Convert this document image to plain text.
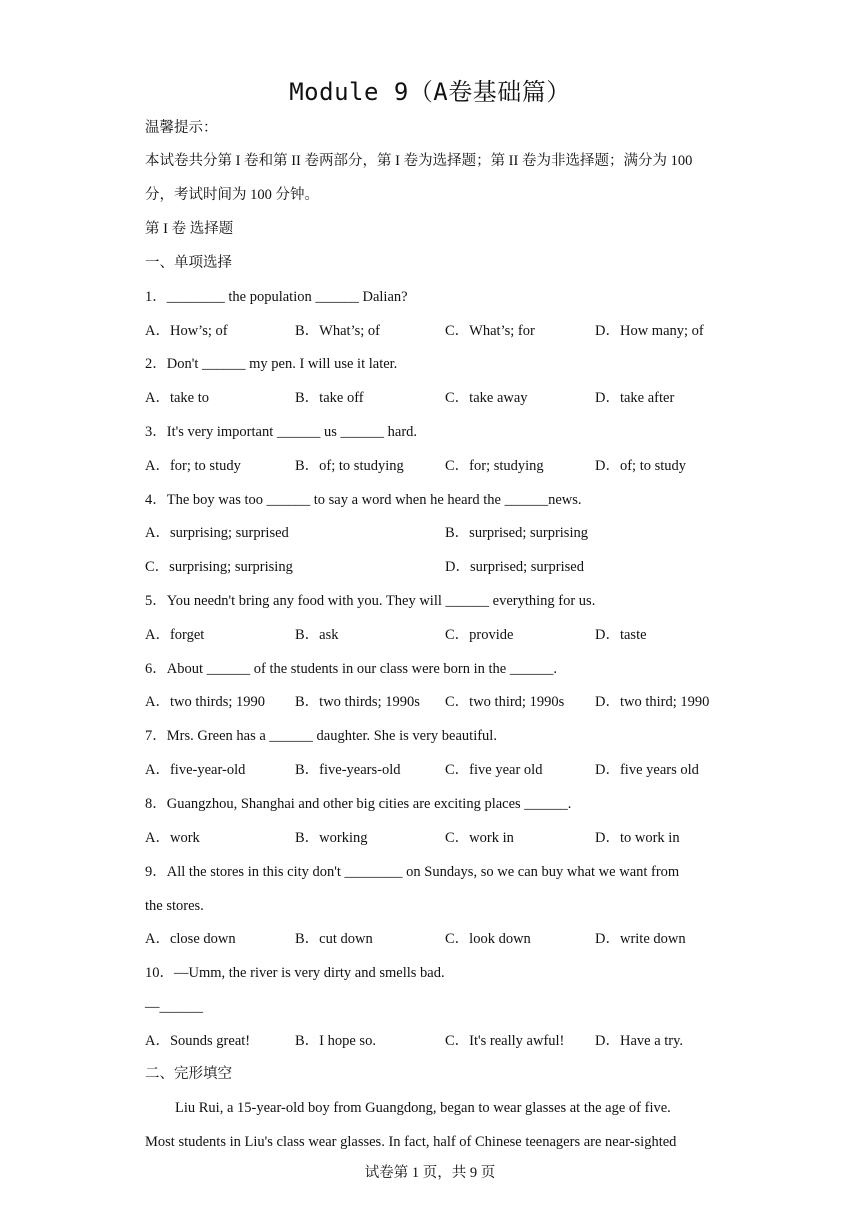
Module 9（A卷基础篇）
温馨提示：
本试卷共分第 I 卷和第 II 卷两部分，第 I 卷为选择题；第 II 卷为非选择题；满分为 100
分，考试时间为 100 分钟。
第 I 卷 选择题
一、单项选择
1．________ the population ______ Dalian?
A．How’s; of	B．What’s; of	C．What’s; for	D．How many; of
2．Don't ______ my pen. I will use it later.
A．take to	B．take off	C．take away	D．take after
3．It's very important ______ us ______ hard.
A．for; to study	B．of; to studying	C．for; studying	D．of; to study
4．The boy was too ______ to say a word when he heard the ______news.
A．surprising; surprised	B．surprised; surprising
C．surprising; surprising	D．surprised; surprised
5．You needn't bring any food with you. They will ______ everything for us.
A．forget	B．ask	C．provide	D．taste
6．About ______ of the students in our class were born in the ______.
A．two thirds; 1990 B．two thirds; 1990s C．two third; 1990s D．two third; 1990
7．Mrs. Green has a ______ daughter. She is very beautiful.
A．five-year-old	B．five-years-old	C．five year old	D．five years old
8．Guangzhou, Shanghai and other big cities are exciting places ______.
A．work	B．working	C．work in	D．to work in
9．All the stores in this city don't ________ on Sundays, so we can buy what we want from
the stores.
A．close down	B．cut down	C．look down	D．write down
10．—Umm, the river is very dirty and smells bad.
—______
A．Sounds great!	B．I hope so.	C．It's really awful! D．Have a try.
二、完形填空
Liu Rui, a 15-year-old boy from Guangdong, began to wear glasses at the age of five.
Most students in Liu's class wear glasses. In fact, half of Chinese teenagers are near-sighted
试卷第 1 页，共 9 页
